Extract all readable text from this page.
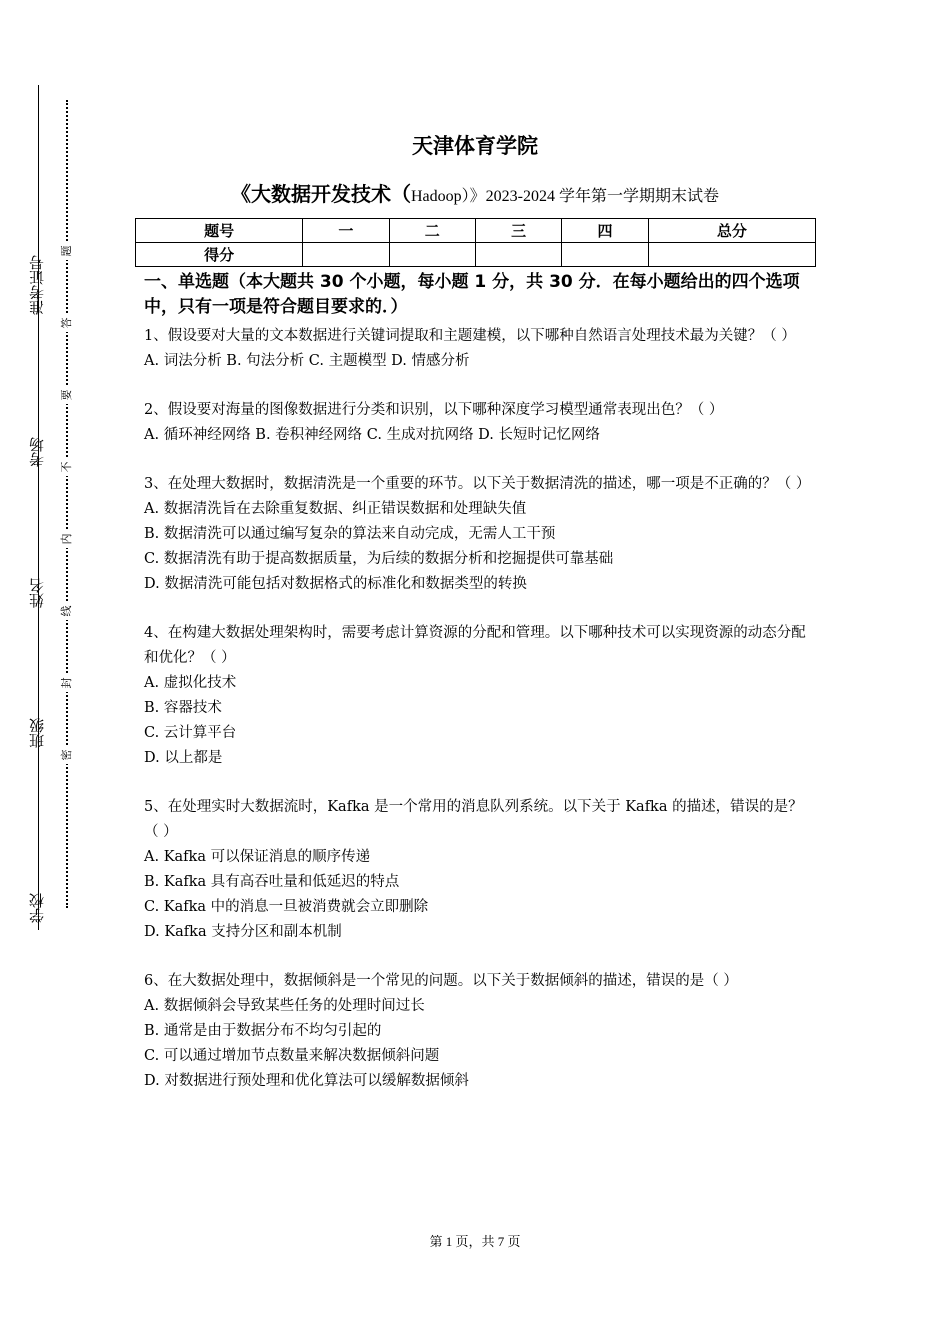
准考证号
考场
姓名
班级
学校
题
答
要
不
内
线
封
密
天津体育学院
《大数据开发技术（Hadoop）》2023-2024 学年第一学期期末试卷
题号	一	二	三	四	总分
得分					

一、单选题（本大题共 30 个小题，每小题 1 分，共 30 分．在每小题给出的四个选项中，只有一项是符合题目要求的．）

1、假设要对大量的文本数据进行关键词提取和主题建模，以下哪种自然语言处理技术最为关键？（ ）

A. 词法分析 B. 句法分析 C. 主题模型 D. 情感分析

2、假设要对海量的图像数据进行分类和识别，以下哪种深度学习模型通常表现出色？（ ）

A. 循环神经网络 B. 卷积神经网络 C. 生成对抗网络 D. 长短时记忆网络

3、在处理大数据时，数据清洗是一个重要的环节。以下关于数据清洗的描述，哪一项是不正确的？（ ）

A. 数据清洗旨在去除重复数据、纠正错误数据和处理缺失值

B. 数据清洗可以通过编写复杂的算法来自动完成，无需人工干预

C. 数据清洗有助于提高数据质量，为后续的数据分析和挖掘提供可靠基础

D. 数据清洗可能包括对数据格式的标准化和数据类型的转换

4、在构建大数据处理架构时，需要考虑计算资源的分配和管理。以下哪种技术可以实现资源的动态分配和优化？（ ）

A. 虚拟化技术

B. 容器技术

C. 云计算平台

D. 以上都是

5、在处理实时大数据流时，Kafka 是一个常用的消息队列系统。以下关于 Kafka 的描述，错误的是？（ ）

A. Kafka 可以保证消息的顺序传递

B. Kafka 具有高吞吐量和低延迟的特点

C. Kafka 中的消息一旦被消费就会立即删除

D. Kafka 支持分区和副本机制

6、在大数据处理中，数据倾斜是一个常见的问题。以下关于数据倾斜的描述，错误的是（ ）

A. 数据倾斜会导致某些任务的处理时间过长

B. 通常是由于数据分布不均匀引起的

C. 可以通过增加节点数量来解决数据倾斜问题

D. 对数据进行预处理和优化算法可以缓解数据倾斜

第 1 页，共 7 页
